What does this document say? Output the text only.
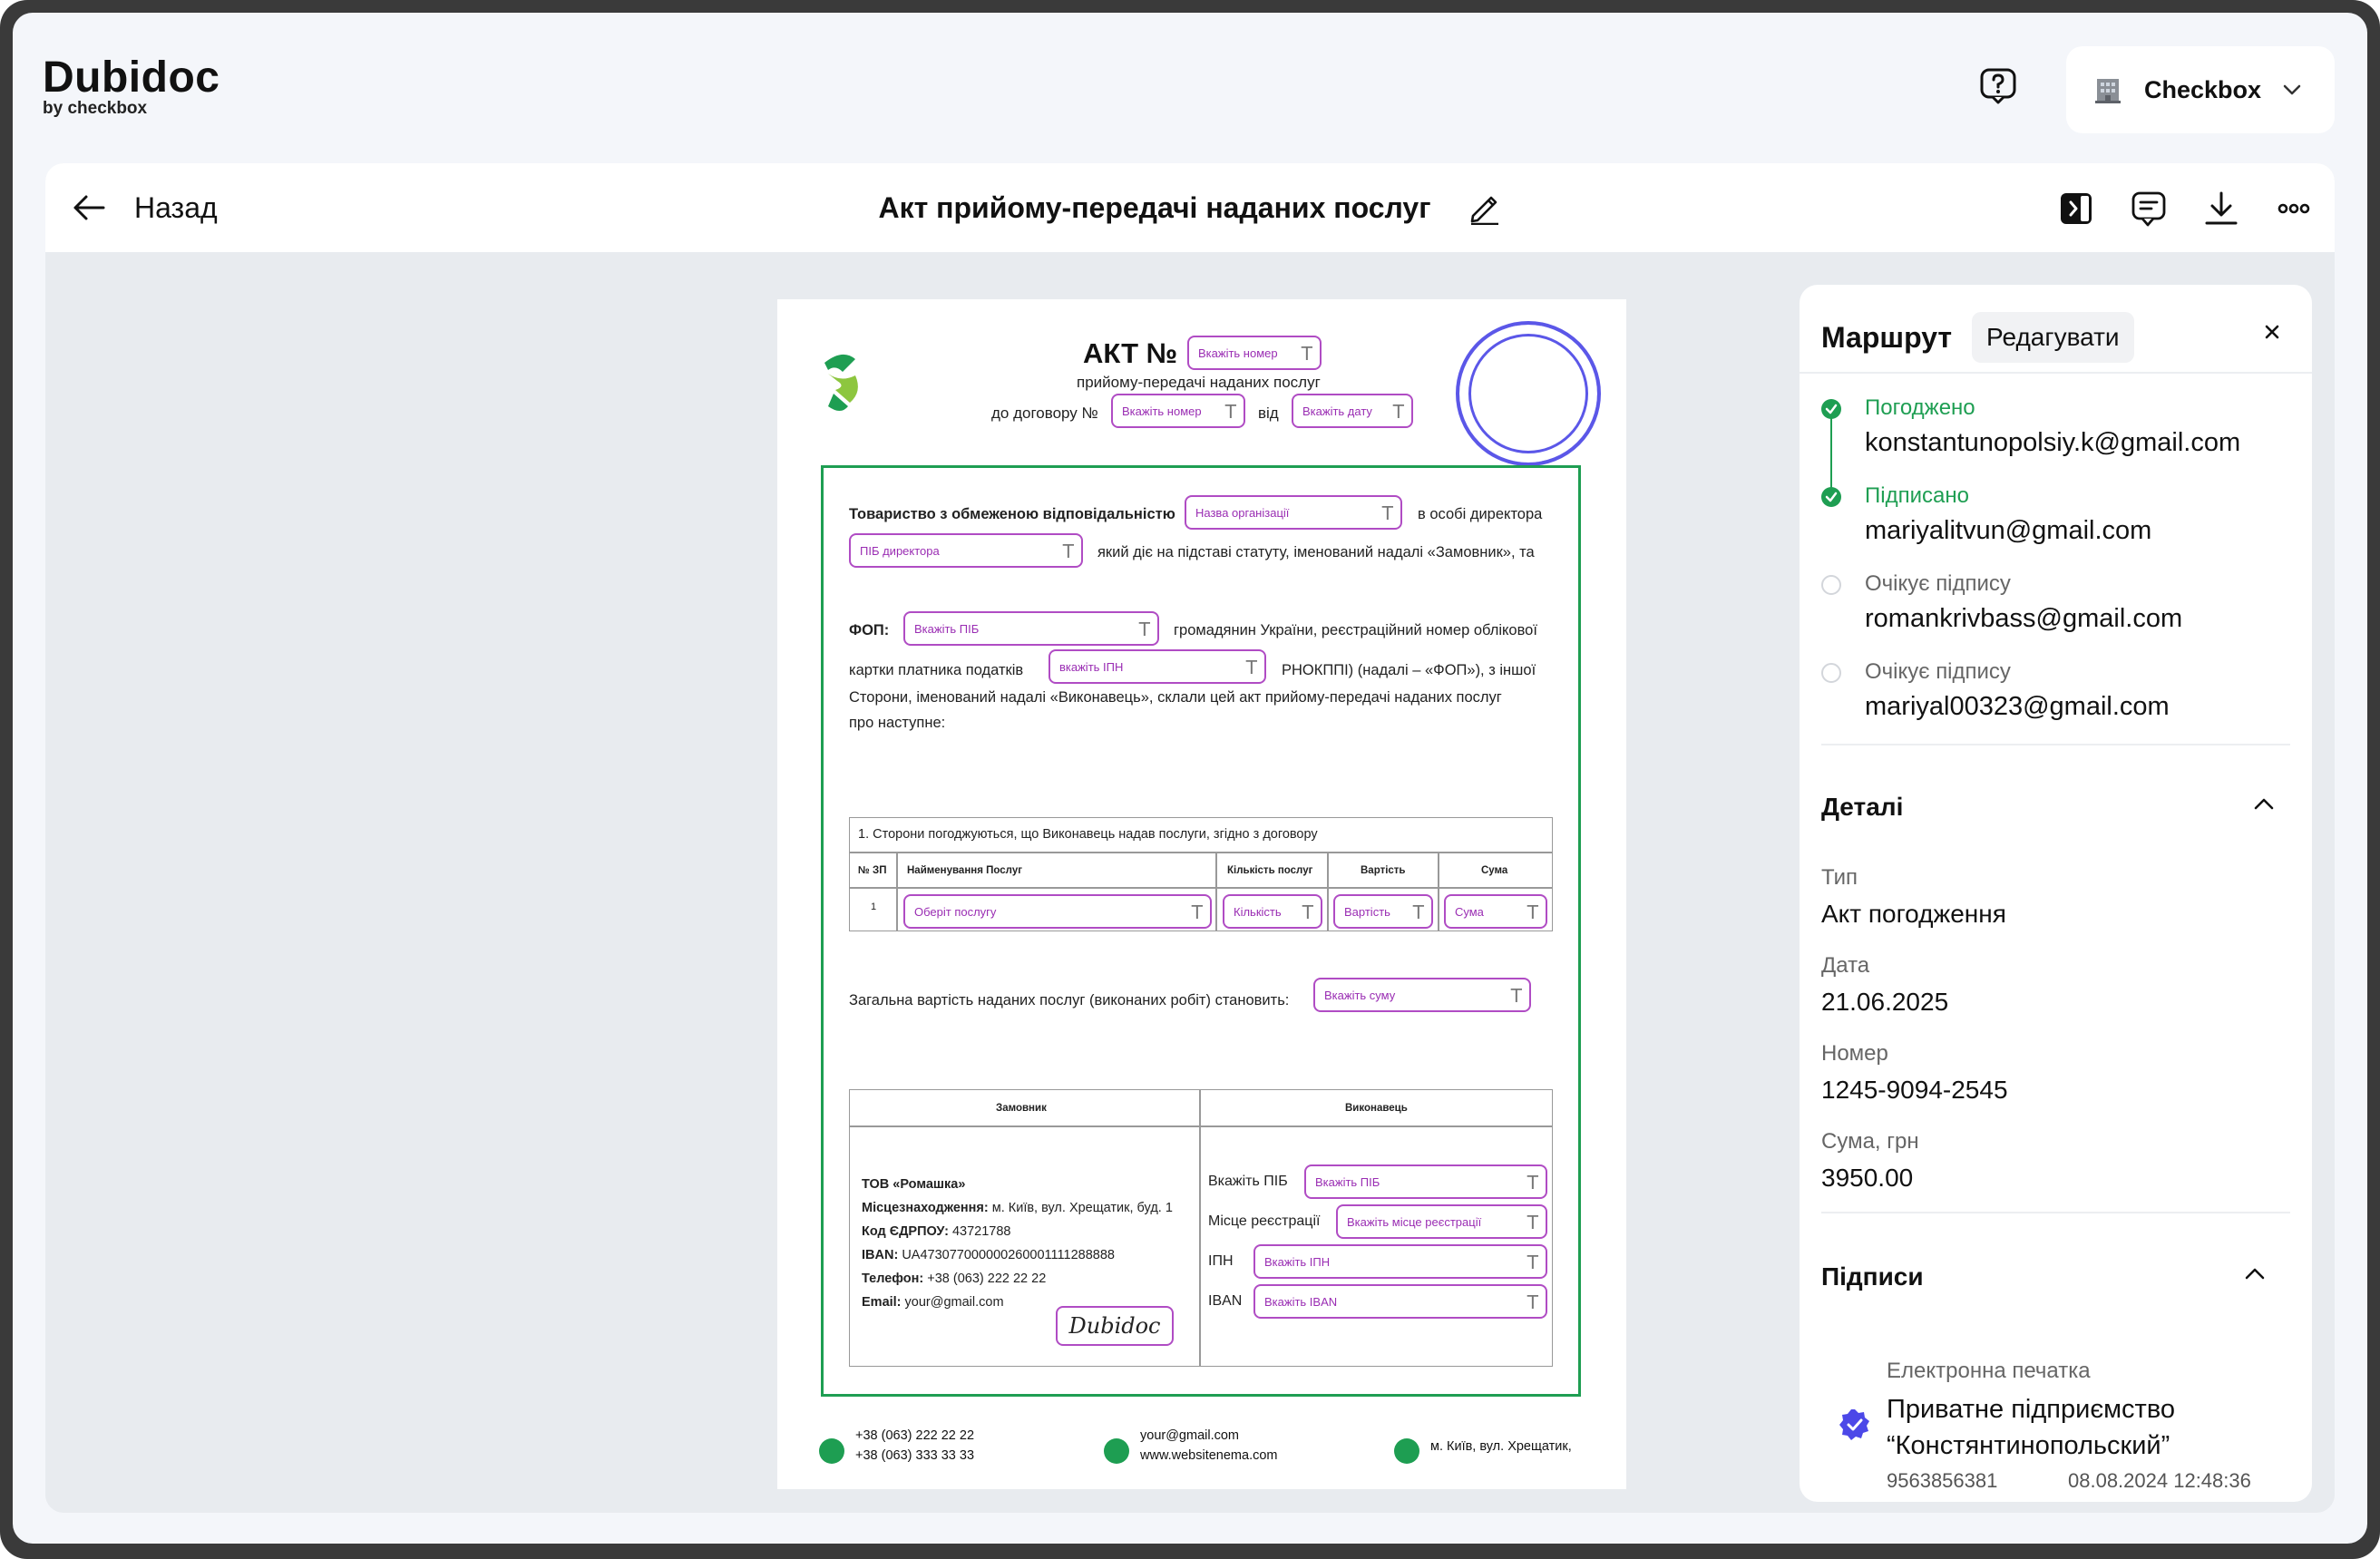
Dubidoc
by checkbox
Checkbox
Назад	Акт прийому-передачі наданих послуг
АКТ № Вкажіть номер T
прийому-передачі наданих послуг
до договору № Вкажіть номер T від Вкажіть дату T
Товариство з обмеженою відповідальністю Назва організації	T в особі директора
ПІБ директора	T який діє на підставі статуту, іменований надалі «Замовник», та
ФОП: Вкажіть ПІБ	T громадянин України, реєстраційний номер облікової
картки платника податків	вкажіть ІПН	T РНОКППІ) (надалі – «ФОП»), з іншої
Сторони, іменований надалі «Виконавець», склали цей акт прийому-передачі наданих послуг
про наступне:
1. Сторони погоджуються, що Виконавець надав послуги, згідно з договору
№ ЗП Найменування Послуг	Кількість послуг	Вартість	Сума
1	Оберіт послугу	T	Кількість T	Вартість T	Сума T
Загальна вартість наданих послуг (виконаних робіт) становить:	Вкажіть суму	T
Замовник	Виконавець
ТОВ «Ромашка»
Місцезнаходження: м. Київ, вул. Хрещатик, буд. 1
Код ЄДРПОУ: 43721788
IBAN: UA473077000000260001111288888
Телефон: +38 (063) 222 22 22
Email: your@gmail.com
Dubidoc
Вкажіть ПІБ Вкажіть ПІБ	T
Місце реєстрації Вкажіть місце реєстрації	T
ІПН	Вкажіть ІПН	T
IBAN Вкажіть IBAN	T
+38 (063) 222 22 22
+38 (063) 333 33 33
your@gmail.com
www.websitenema.com
м. Київ, вул. Хрещатик,
Маршрут	Редагувати
Погоджено
konstantunopolsiy.k@gmail.com
Підписано
mariyalitvun@gmail.com
Очікує підпису
romankrivbass@gmail.com
Очікує підпису
mariyal00323@gmail.com
Деталі
Тип
Акт погодження
Дата
21.06.2025
Номер
1245-9094-2545
Сума, грн
3950.00
Підписи
Електронна печатка
Приватне підприємство
“Констянтинопольский”
9563856381	08.08.2024 12:48:36
